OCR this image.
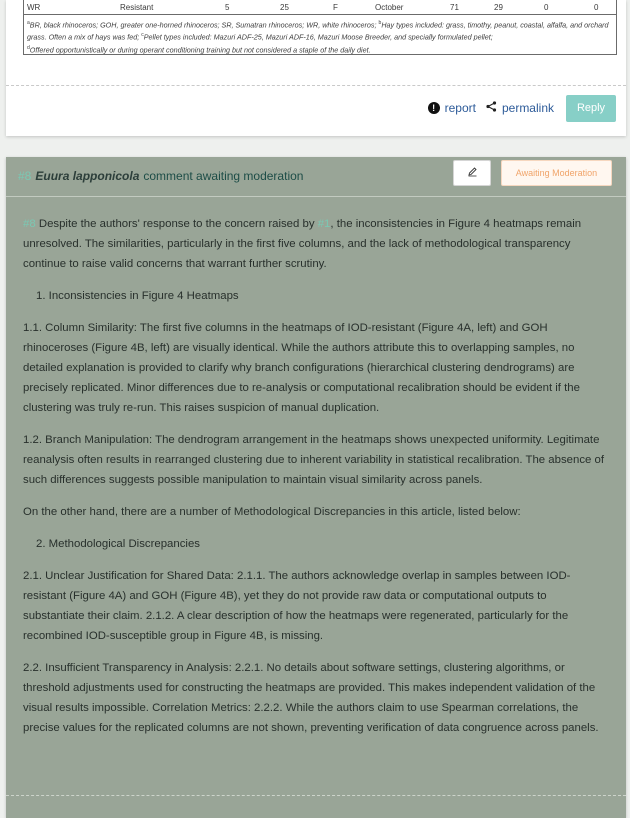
WR	Resistant	5	25	F	October	71	29	0	0
$^a$BR, black rhinoceros; GOH, greater one-horned rhinoceros; SR, Sumatran rhinoceros; WR, white rhinoceros; $^b$Hay types included: grass, timothy, peanut, coastal, alfalfa, and orchard grass. Often a mix of hays was fed; $^c$Pellet types included: Mazuri ADF-25, Mazuri ADF-16, Mazuri Moose Breeder, and specially formulated pellet;
$^d$Offered opportunistically or during operant conditioning training but not considered a staple of the daily diet.
! report permalink	Reply
#8 Euura lapponicola comment awaiting moderation	Awaiting Moderation

#8 Despite the authors' response to the concern raised by #1, the inconsistencies in Figure 4 heatmaps remain unresolved. The similarities, particularly in the first five columns, and the lack of methodological transparency continue to raise valid concerns that warrant further scrutiny.

1. Inconsistencies in Figure 4 Heatmaps

1.1. Column Similarity: The first five columns in the heatmaps of IOD-resistant (Figure 4A, left) and GOH rhinoceroses (Figure 4B, left) are visually identical. While the authors attribute this to overlapping samples, no detailed explanation is provided to clarify why branch configurations (hierarchical clustering dendrograms) are precisely replicated. Minor differences due to re-analysis or computational recalibration should be evident if the clustering was truly re-run. This raises suspicion of manual duplication.

1.2. Branch Manipulation: The dendrogram arrangement in the heatmaps shows unexpected uniformity. Legitimate reanalysis often results in rearranged clustering due to inherent variability in statistical recalibration. The absence of such differences suggests possible manipulation to maintain visual similarity across panels.

On the other hand, there are a number of Methodological Discrepancies in this article, listed below:

2. Methodological Discrepancies

2.1. Unclear Justification for Shared Data: 2.1.1. The authors acknowledge overlap in samples between IOD-resistant (Figure 4A) and GOH (Figure 4B), yet they do not provide raw data or computational outputs to substantiate their claim. 2.1.2. A clear description of how the heatmaps were regenerated, particularly for the recombined IOD-susceptible group in Figure 4B, is missing.

2.2. Insufficient Transparency in Analysis: 2.2.1. No details about software settings, clustering algorithms, or threshold adjustments used for constructing the heatmaps are provided. This makes independent validation of the visual results impossible. Correlation Metrics: 2.2.2. While the authors claim to use Spearman correlations, the precise values for the replicated columns are not shown, preventing verification of data congruence across panels.
